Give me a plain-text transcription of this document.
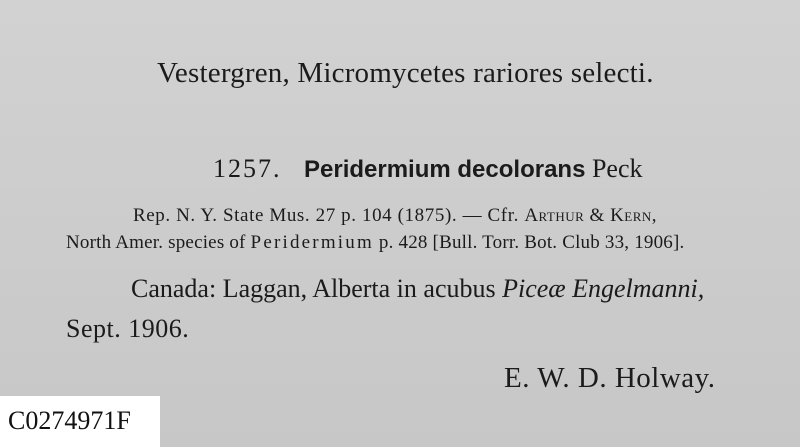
Vestergren, Micromycetes rariores selecti.
1257. Peridermium decolorans Peck
Rep. N. Y. State Mus. 27 p. 104 (1875). — Cfr. Arthur & Kern,
North Amer. species of Peridermium p. 428 [Bull. Torr. Bot. Club 33, 1906].
Canada: Laggan, Alberta in acubus Piceæ Engelmanni,
Sept. 1906.
E. W. D. Holway.
C0274971F
